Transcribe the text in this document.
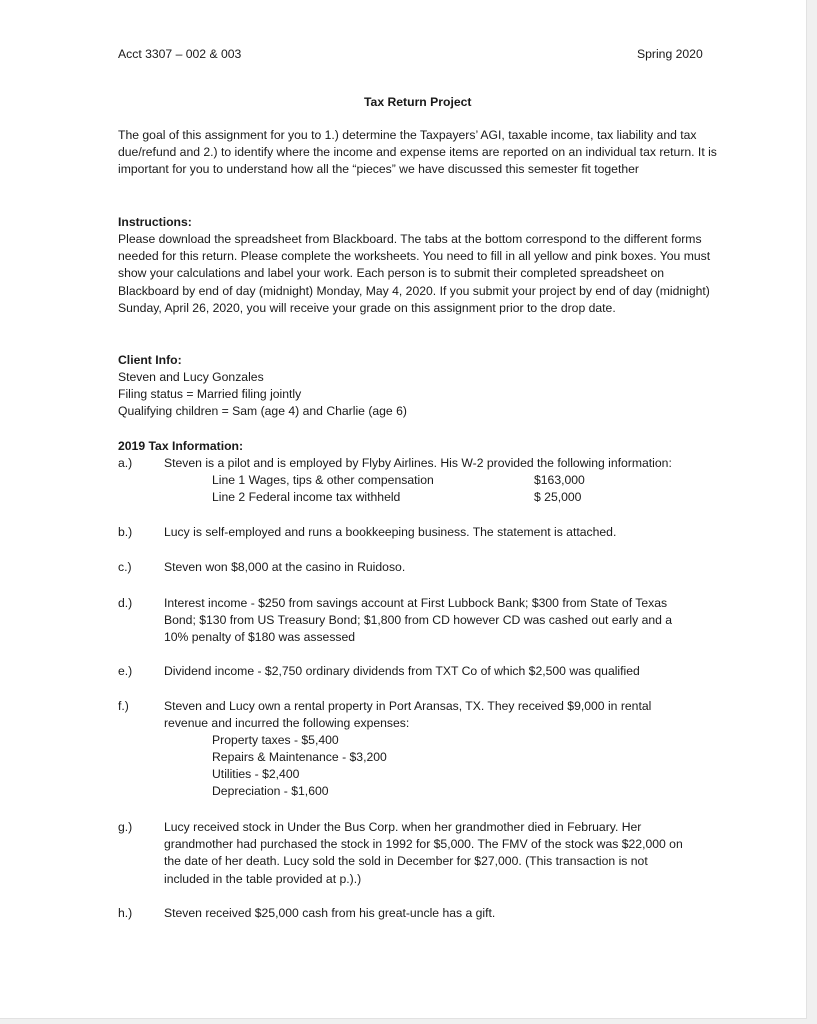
Acct 3307 – 002 & 003	Spring 2020
Tax Return Project
The goal of this assignment for you to 1.) determine the Taxpayers’ AGI, taxable income, tax liability and tax due/refund and 2.) to identify where the income and expense items are reported on an individual tax return. It is important for you to understand how all the “pieces” we have discussed this semester fit together
Instructions:
Please download the spreadsheet from Blackboard. The tabs at the bottom correspond to the different forms needed for this return. Please complete the worksheets. You need to fill in all yellow and pink boxes. You must show your calculations and label your work. Each person is to submit their completed spreadsheet on Blackboard by end of day (midnight) Monday, May 4, 2020. If you submit your project by end of day (midnight) Sunday, April 26, 2020, you will receive your grade on this assignment prior to the drop date.
Client Info:
Steven and Lucy Gonzales
Filing status = Married filing jointly
Qualifying children = Sam (age 4) and Charlie (age 6)
2019 Tax Information:
a.)	Steven is a pilot and is employed by Flyby Airlines. His W-2 provided the following information:
Line 1 Wages, tips & other compensation	$163,000
Line 2 Federal income tax withheld	$ 25,000
b.)	Lucy is self-employed and runs a bookkeeping business. The statement is attached.
c.)	Steven won $8,000 at the casino in Ruidoso.
d.)	Interest income - $250 from savings account at First Lubbock Bank; $300 from State of Texas
Bond; $130 from US Treasury Bond; $1,800 from CD however CD was cashed out early and a
10% penalty of $180 was assessed
e.)	Dividend income - $2,750 ordinary dividends from TXT Co of which $2,500 was qualified
f.)	Steven and Lucy own a rental property in Port Aransas, TX. They received $9,000 in rental
revenue and incurred the following expenses:
Property taxes - $5,400
Repairs & Maintenance - $3,200
Utilities - $2,400
Depreciation - $1,600
g.)	Lucy received stock in Under the Bus Corp. when her grandmother died in February. Her
grandmother had purchased the stock in 1992 for $5,000. The FMV of the stock was $22,000 on
the date of her death. Lucy sold the sold in December for $27,000. (This transaction is not
included in the table provided at p.).)
h.)	Steven received $25,000 cash from his great-uncle has a gift.
